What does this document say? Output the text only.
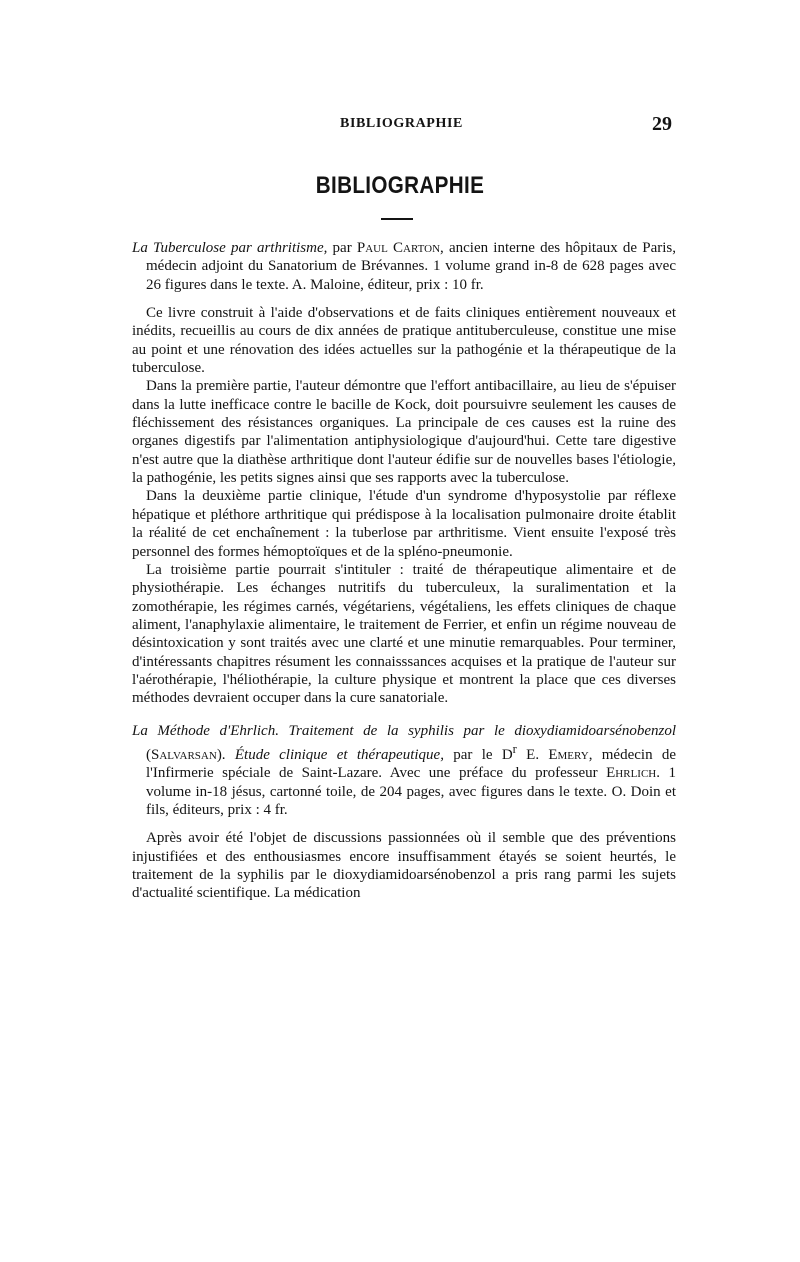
BIBLIOGRAPHIE	29
BIBLIOGRAPHIE

La Tuberculose par arthritisme, par Paul Carton, ancien interne des hôpitaux de Paris, médecin adjoint du Sanatorium de Brévannes. 1 volume grand in-8 de 628 pages avec 26 figures dans le texte. A. Maloine, éditeur, prix : 10 fr.

Ce livre construit à l'aide d'observations et de faits cliniques entièrement nouveaux et inédits, recueillis au cours de dix années de pratique antituberculeuse, constitue une mise au point et une rénovation des idées actuelles sur la pathogénie et la thérapeutique de la tuberculose.

Dans la première partie, l'auteur démontre que l'effort antibacillaire, au lieu de s'épuiser dans la lutte inefficace contre le bacille de Kock, doit poursuivre seulement les causes de fléchissement des résistances organiques. La principale de ces causes est la ruine des organes digestifs par l'alimentation antiphysiologique d'aujourd'hui. Cette tare digestive n'est autre que la diathèse arthritique dont l'auteur édifie sur de nouvelles bases l'étiologie, la pathogénie, les petits signes ainsi que ses rapports avec la tuberculose.

Dans la deuxième partie clinique, l'étude d'un syndrome d'hyposystolie par réflexe hépatique et pléthore arthritique qui prédispose à la localisation pulmonaire droite établit la réalité de cet enchaînement : la tuberlose par arthritisme. Vient ensuite l'exposé très personnel des formes hémoptoïques et de la spléno-pneumonie.

La troisième partie pourrait s'intituler : traité de thérapeutique alimentaire et de physiothérapie. Les échanges nutritifs du tuberculeux, la suralimentation et la zomothérapie, les régimes carnés, végétariens, végétaliens, les effets cliniques de chaque aliment, l'anaphylaxie alimentaire, le traitement de Ferrier, et enfin un régime nouveau de désintoxication y sont traités avec une clarté et une minutie remarquables. Pour terminer, d'intéressants chapitres résument les connaisssances acquises et la pratique de l'auteur sur l'aérothérapie, l'héliothérapie, la culture physique et montrent la place que ces diverses méthodes devraient occuper dans la cure sanatoriale.

La Méthode d'Ehrlich. Traitement de la syphilis par le dioxydiamidoarsénobenzol (Salvarsan). Étude clinique et thérapeutique, par le $D^r$ E. Emery, médecin de l'Infirmerie spéciale de Saint-Lazare. Avec une préface du professeur Ehrlich. 1 volume in-18 jésus, cartonné toile, de 204 pages, avec figures dans le texte. O. Doin et fils, éditeurs, prix : 4 fr.

Après avoir été l'objet de discussions passionnées où il semble que des préventions injustifiées et des enthousiasmes encore insuffisamment étayés se soient heurtés, le traitement de la syphilis par le dioxydiamidoarsénobenzol a pris rang parmi les sujets d'actualité scientifique. La médication
